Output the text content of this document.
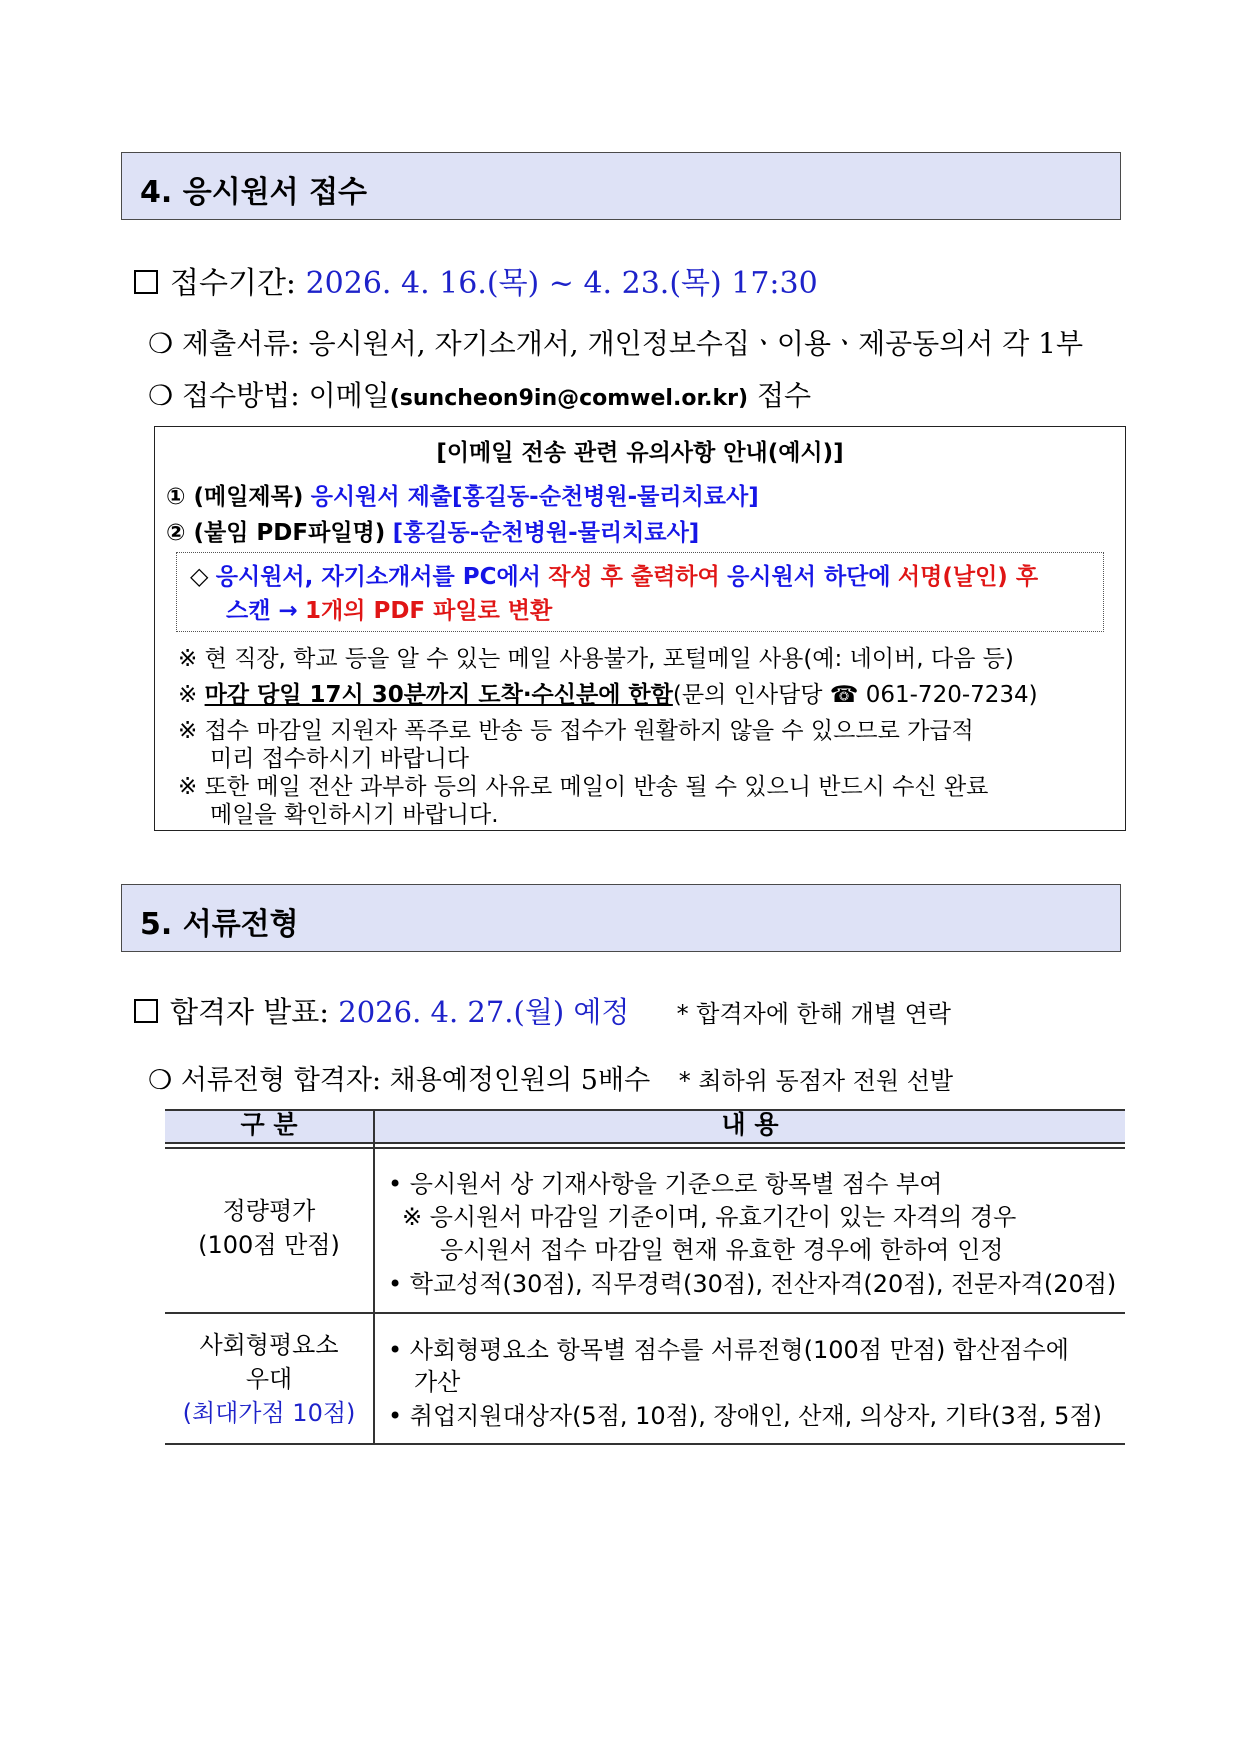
4. 응시원서 접수
접수기간: 2026. 4. 16.(목) ~ 4. 23.(목) 17:30
❍ 제출서류: 응시원서, 자기소개서, 개인정보수집ㆍ이용ㆍ제공동의서 각 1부
❍ 접수방법: 이메일(suncheon9in@comwel.or.kr) 접수
[이메일 전송 관련 유의사항 안내(예시)]
① (메일제목) 응시원서 제출[홍길동-순천병원-물리치료사]
② (붙임 PDF파일명) [홍길동-순천병원-물리치료사]
◇ 응시원서, 자기소개서를 PC에서 작성 후 출력하여 응시원서 하단에 서명(날인) 후
스캔 → 1개의 PDF 파일로 변환
※ 현 직장, 학교 등을 알 수 있는 메일 사용불가, 포털메일 사용(예: 네이버, 다음 등)
※ 마감 당일 17시 30분까지 도착·수신분에 한함(문의 인사담당 ☎ 061-720-7234)
※ 접수 마감일 지원자 폭주로 반송 등 접수가 원활하지 않을 수 있으므로 가급적
미리 접수하시기 바랍니다
※ 또한 메일 전산 과부하 등의 사유로 메일이 반송 될 수 있으니 반드시 수신 완료
메일을 확인하시기 바랍니다.
5. 서류전형
합격자 발표: 2026. 4. 27.(월) 예정 * 합격자에 한해 개별 연락
❍ 서류전형 합격자: 채용예정인원의 5배수 * 최하위 동점자 전원 선발
구 분	내 용
정량평가
(100점 만점)
• 응시원서 상 기재사항을 기준으로 항목별 점수 부여
※ 응시원서 마감일 기준이며, 유효기간이 있는 자격의 경우
응시원서 접수 마감일 현재 유효한 경우에 한하여 인정
• 학교성적(30점), 직무경력(30점), 전산자격(20점), 전문자격(20점)
사회형평요소
우대
(최대가점 10점)
• 사회형평요소 항목별 점수를 서류전형(100점 만점) 합산점수에
가산
• 취업지원대상자(5점, 10점), 장애인, 산재, 의상자, 기타(3점, 5점)
